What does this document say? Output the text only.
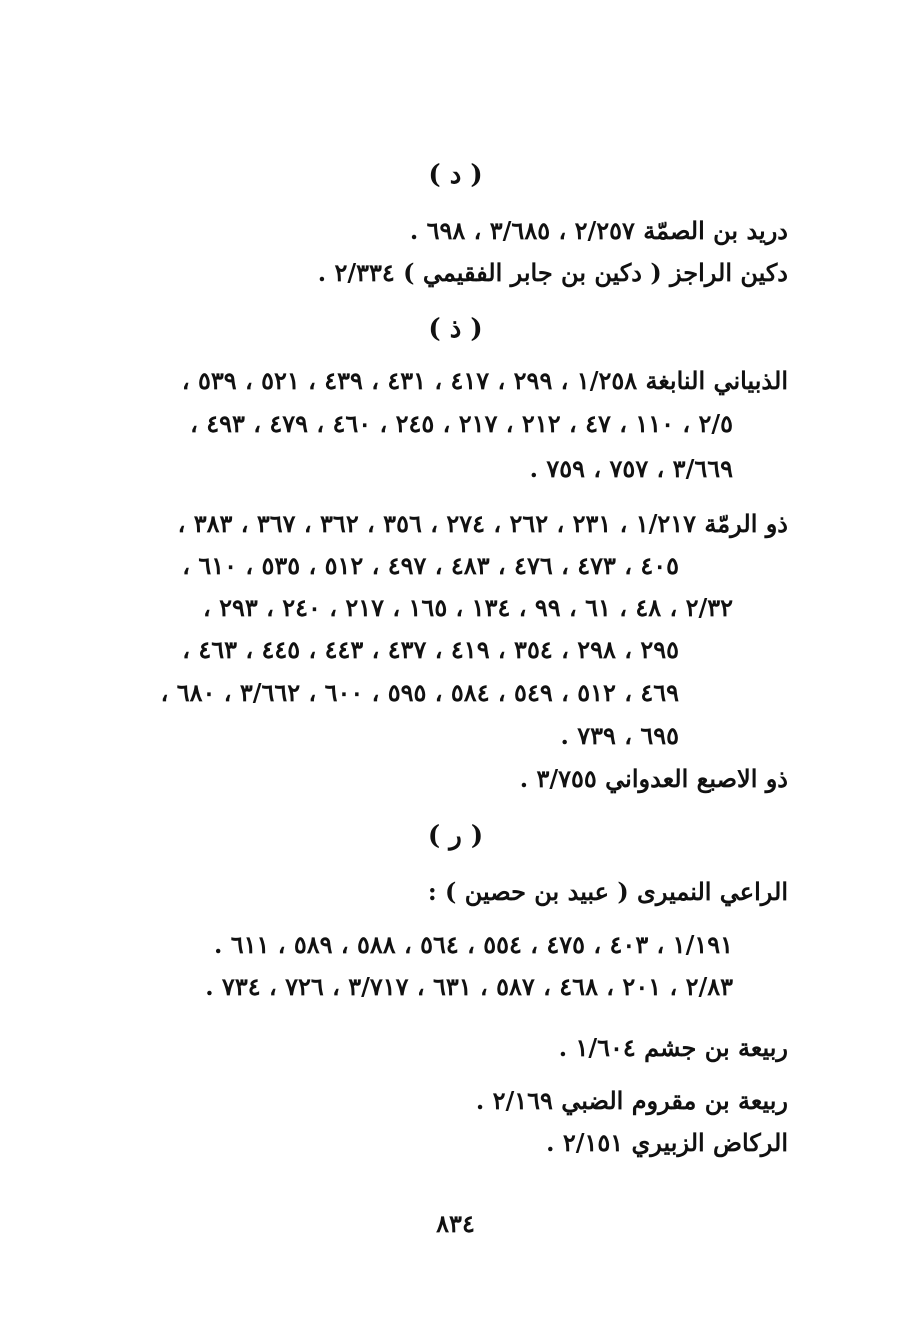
( د )
دريد بن الصمّة ٢/٢٥٧ ، ٣/٦٨٥ ، ٦٩٨ .
دكين الراجز ( دكين بن جابر الفقيمي ) ٢/٣٣٤ .
( ذ )
الذبياني النابغة ١/٢٥٨ ، ٢٩٩ ، ٤١٧ ، ٤٣١ ، ٤٣٩ ، ٥٢١ ، ٥٣٩ ،
٢/٥ ، ١١٠ ، ٤٧ ، ٢١٢ ، ٢١٧ ، ٢٤٥ ، ٤٦٠ ، ٤٧٩ ، ٤٩٣ ،
٣/٦٦٩ ، ٧٥٧ ، ٧٥٩ .
ذو الرمّة ١/٢١٧ ، ٢٣١ ، ٢٦٢ ، ٢٧٤ ، ٣٥٦ ، ٣٦٢ ، ٣٦٧ ، ٣٨٣ ،
٤٠٥ ، ٤٧٣ ، ٤٧٦ ، ٤٨٣ ، ٤٩٧ ، ٥١٢ ، ٥٣٥ ، ٦١٠ ،
٢/٣٢ ، ٤٨ ، ٦١ ، ٩٩ ، ١٣٤ ، ١٦٥ ، ٢١٧ ، ٢٤٠ ، ٢٩٣ ،
٢٩٥ ، ٢٩٨ ، ٣٥٤ ، ٤١٩ ، ٤٣٧ ، ٤٤٣ ، ٤٤٥ ، ٤٦٣ ،
٤٦٩ ، ٥١٢ ، ٥٤٩ ، ٥٨٤ ، ٥٩٥ ، ٦٠٠ ، ٣/٦٦٢ ، ٦٨٠ ،
٦٩٥ ، ٧٣٩ .
ذو الاصبع العدواني ٣/٧٥٥ .
( ر )
الراعي النميرى ( عبيد بن حصين ) :
١/١٩١ ، ٤٠٣ ، ٤٧٥ ، ٥٥٤ ، ٥٦٤ ، ٥٨٨ ، ٥٨٩ ، ٦١١ .
٢/٨٣ ، ٢٠١ ، ٤٦٨ ، ٥٨٧ ، ٦٣١ ، ٣/٧١٧ ، ٧٢٦ ، ٧٣٤ .
ربيعة بن جشم ١/٦٠٤ .
ربيعة بن مقروم الضبي ٢/١٦٩ .
الركاض الزبيري ٢/١٥١ .
٨٣٤
